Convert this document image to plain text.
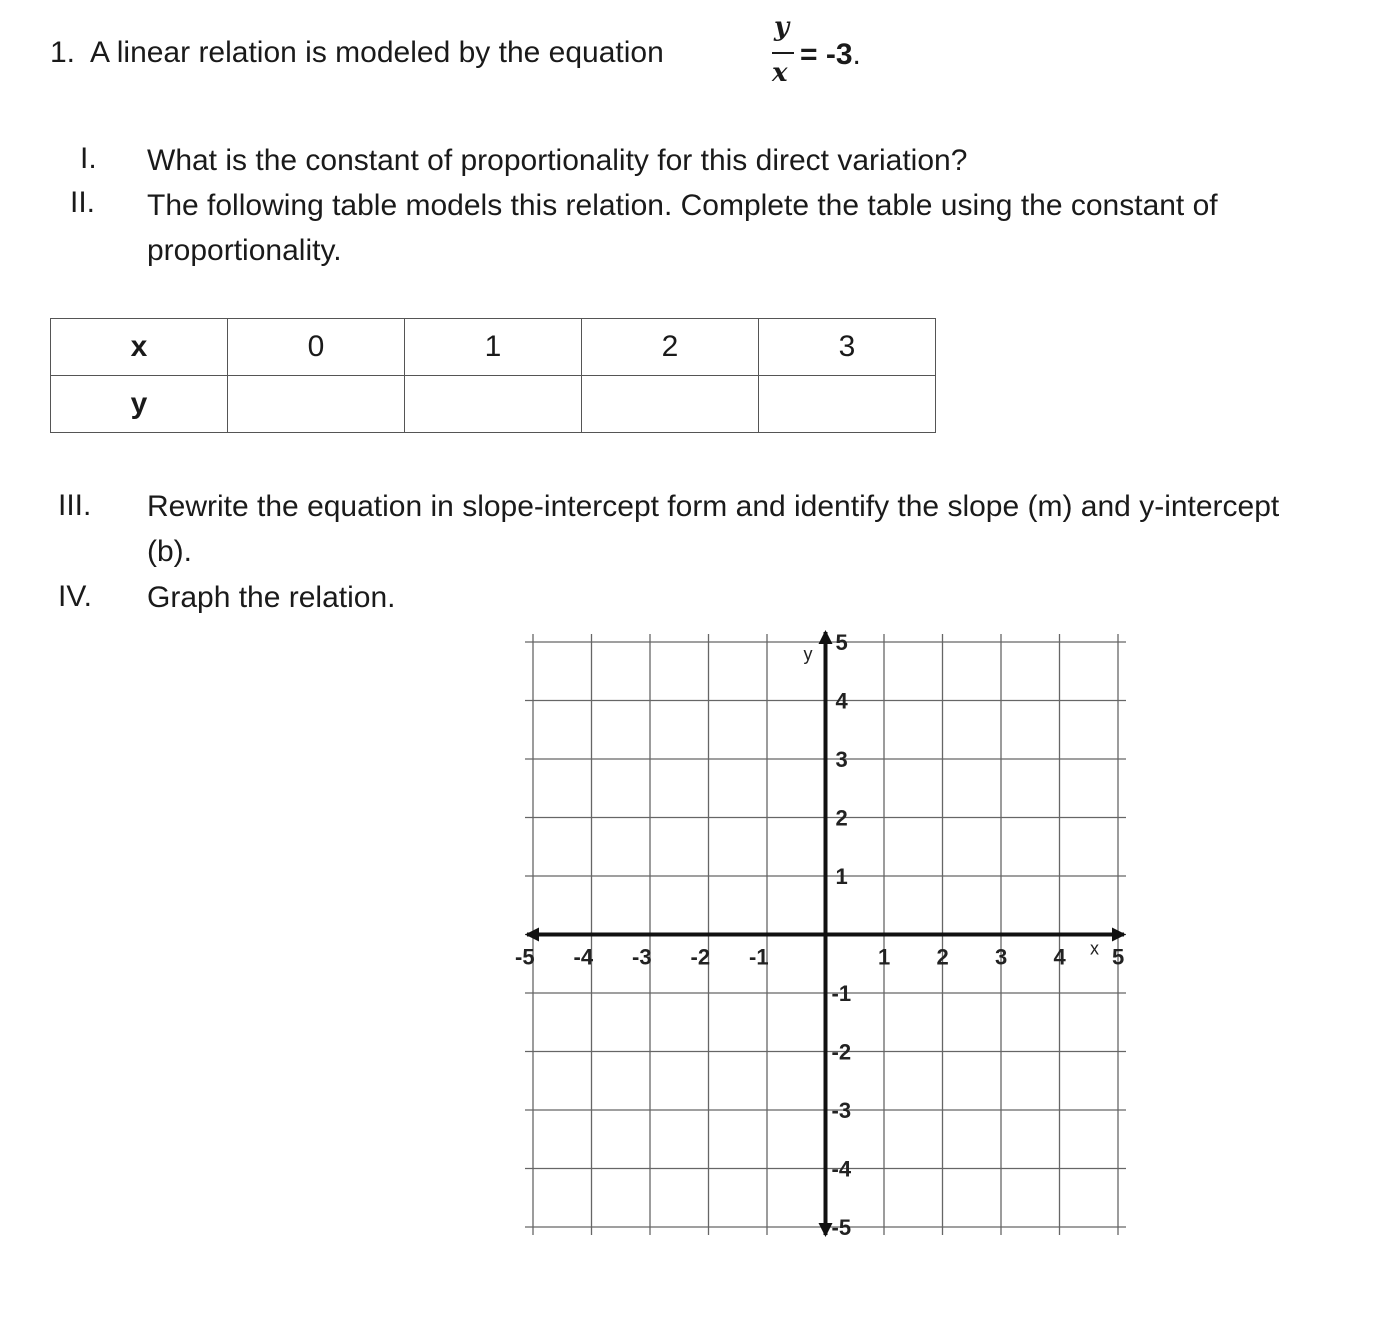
1. A linear relation is modeled by the equation
y
x
= -3.
I.	What is the constant of proportionality for this direct variation?
II.	The following table models this relation. Complete the table using the constant of proportionality.
x	0	1	2	3
y				
III.	Rewrite the equation in slope-intercept form and identify the slope (m) and y-intercept (b).
IV.	Graph the relation.
-5 -4 -3 -2 -1	1 2 3 4 5
5
4
3
2
1
-1
-2
-3
-4
-5
x
y
